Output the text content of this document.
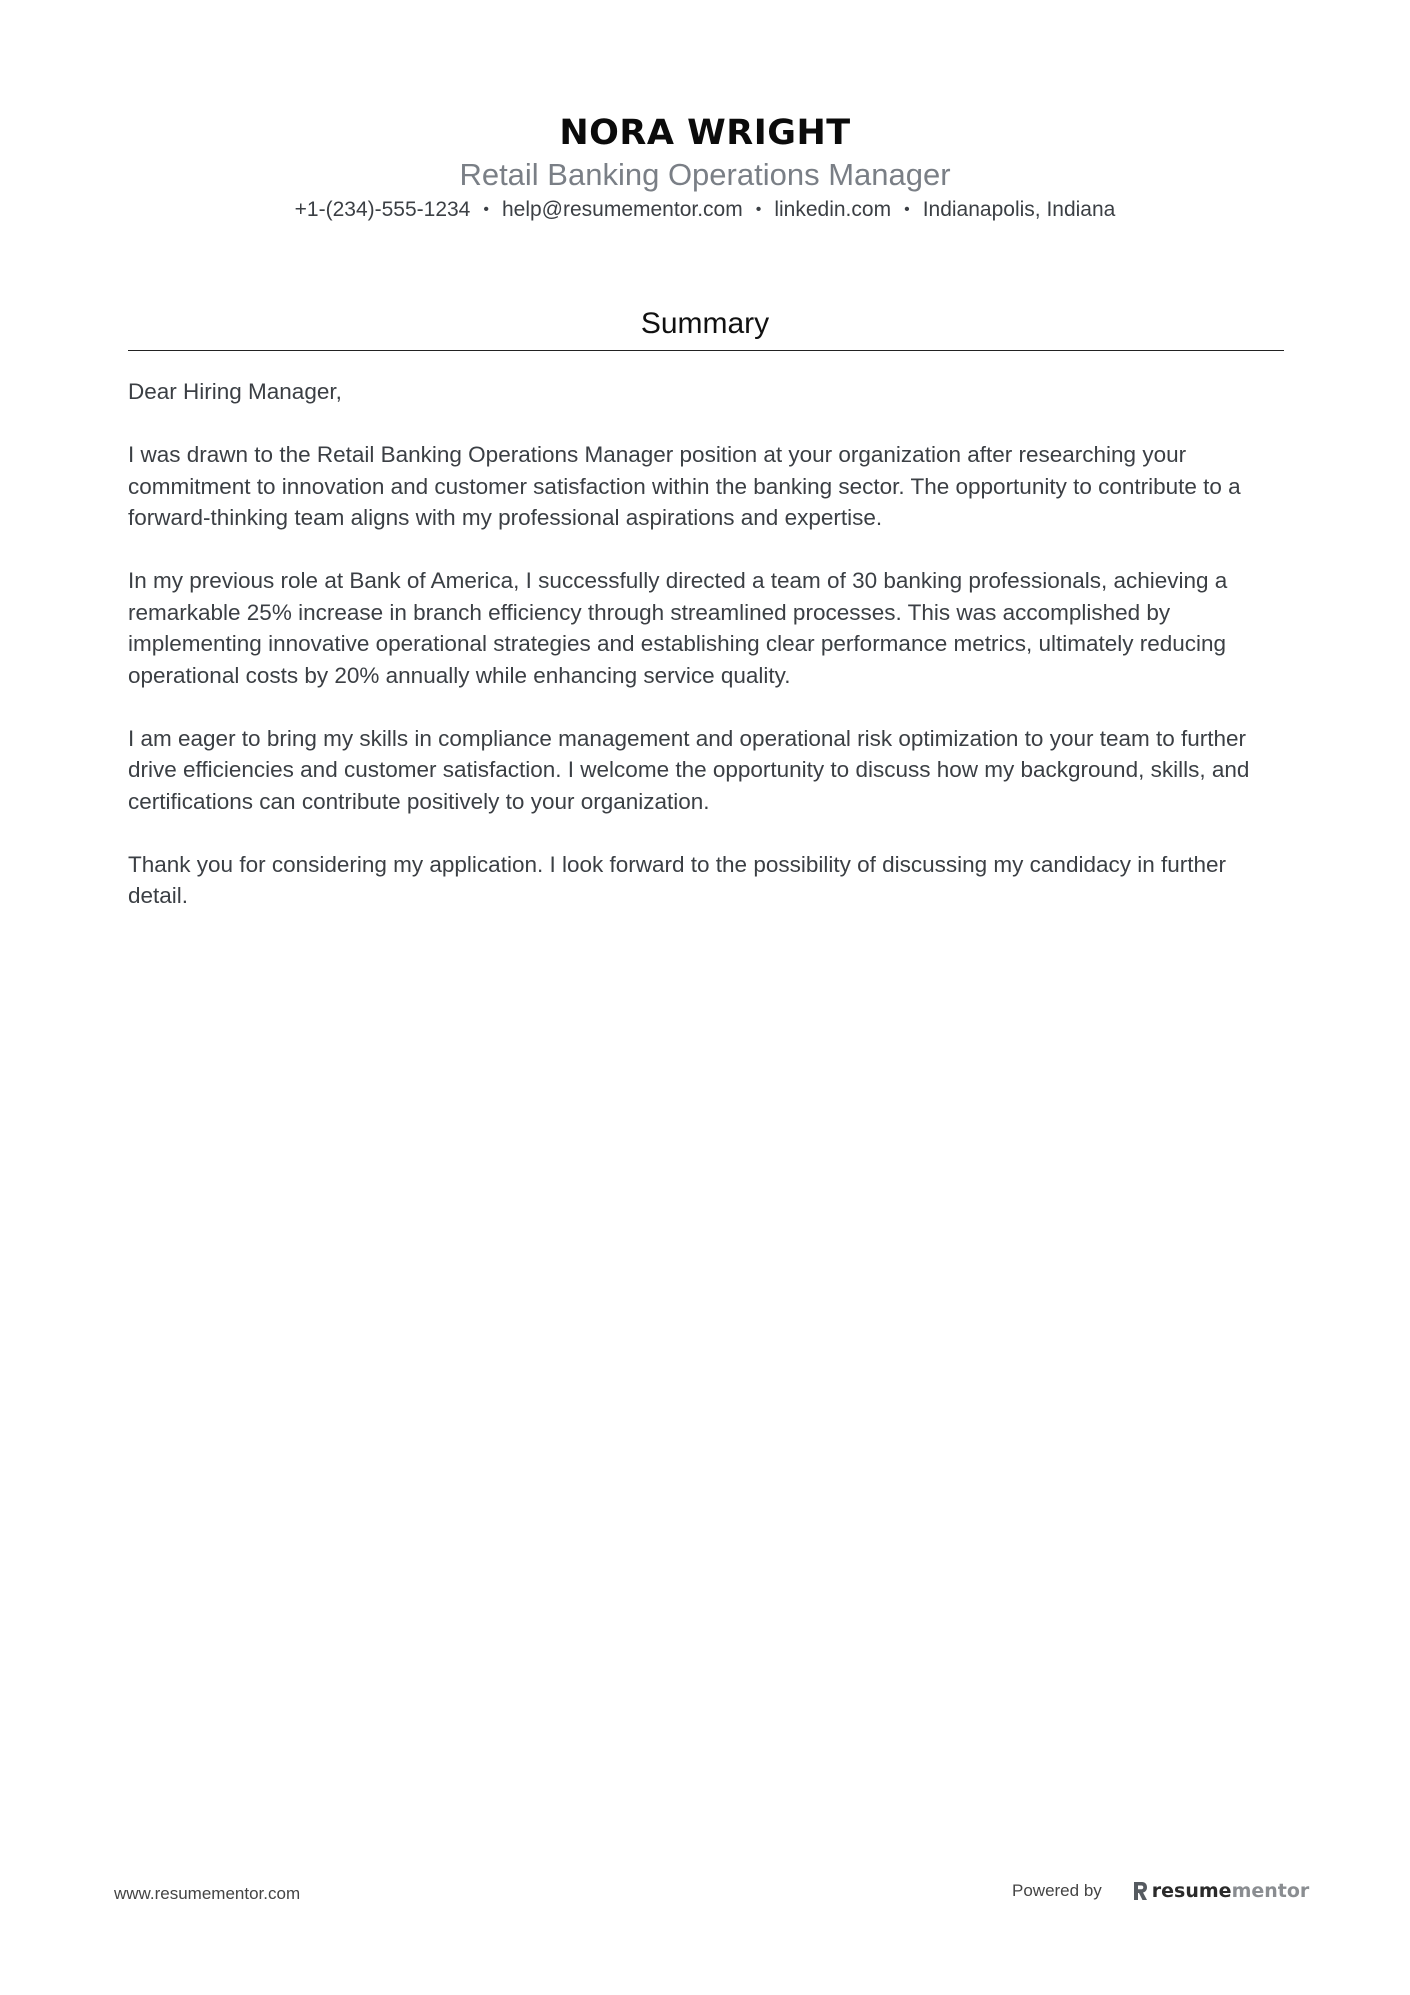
NORA WRIGHT
Retail Banking Operations Manager
+1-(234)-555-1234 • help@resumementor.com • linkedin.com • Indianapolis, Indiana
Summary

Dear Hiring Manager,

I was drawn to the Retail Banking Operations Manager position at your organization after researching your commitment to innovation and customer satisfaction within the banking sector. The opportunity to contribute to a forward-thinking team aligns with my professional aspirations and expertise.

In my previous role at Bank of America, I successfully directed a team of 30 banking professionals, achieving a remarkable 25% increase in branch efficiency through streamlined processes. This was accomplished by implementing innovative operational strategies and establishing clear performance metrics, ultimately reducing operational costs by 20% annually while enhancing service quality.

I am eager to bring my skills in compliance management and operational risk optimization to your team to further drive efficiencies and customer satisfaction. I welcome the opportunity to discuss how my background, skills, and certifications can contribute positively to your organization.

Thank you for considering my application. I look forward to the possibility of discussing my candidacy in further detail.

www.resumementor.com	Powered by	resume mentor
